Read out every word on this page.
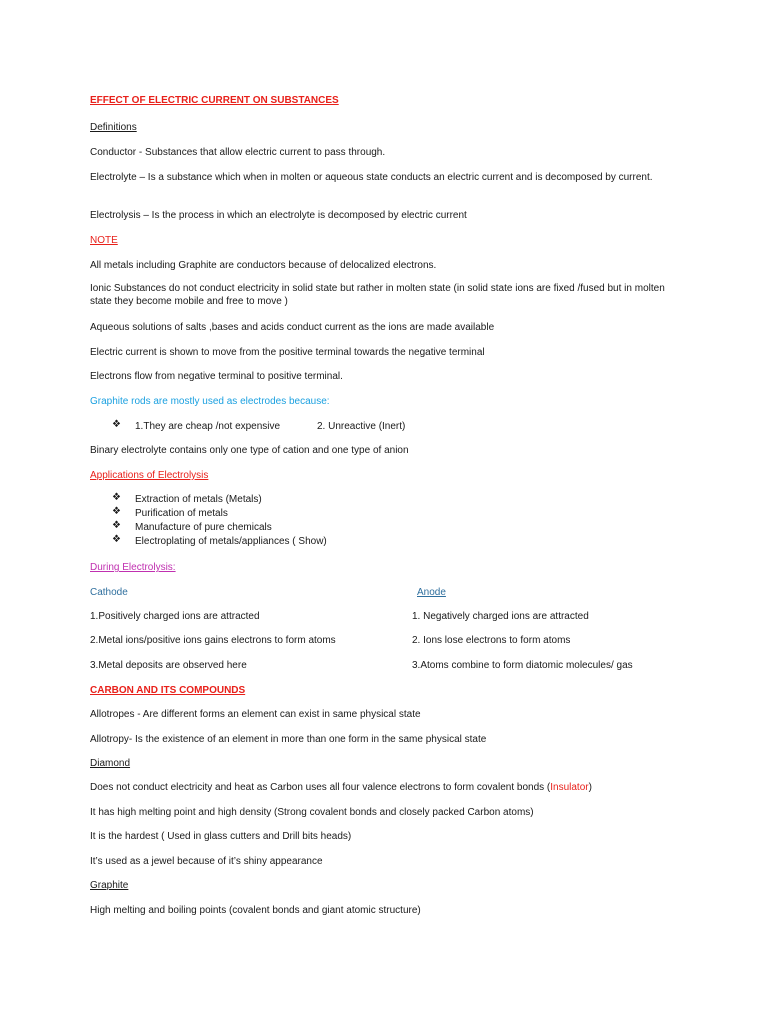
EFFECT OF ELECTRIC CURRENT ON SUBSTANCES
Definitions
Conductor - Substances that allow electric current to pass through.
Electrolyte – Is a substance which when in molten or aqueous state conducts an electric current and is decomposed by current.
Electrolysis – Is the process in which an electrolyte is decomposed by electric current
NOTE
All metals including Graphite are conductors because of delocalized electrons.
Ionic Substances do not conduct electricity in solid state but rather in molten state (in solid state ions are fixed /fused but in molten state they become mobile and free to move )
Aqueous solutions of salts ,bases and acids conduct current as the ions are made available
Electric current is shown to move from the positive terminal towards the negative terminal
Electrons flow from negative terminal to positive terminal.
Graphite rods are mostly used as electrodes because:
❖ 1.They are cheap /not expensive	2. Unreactive (Inert)
Binary electrolyte contains only one type of cation and one type of anion
Applications of Electrolysis
❖ Extraction of metals (Metals)
❖ Purification of metals
❖ Manufacture of pure chemicals
❖ Electroplating of metals/appliances ( Show)
During Electrolysis:
Cathode	Anode
1.Positively charged ions are attracted	1. Negatively charged ions are attracted
2.Metal ions/positive ions gains electrons to form atoms	2. Ions lose electrons to form atoms
3.Metal deposits are observed here	3.Atoms combine to form diatomic molecules/ gas
CARBON AND ITS COMPOUNDS
Allotropes - Are different forms an element can exist in same physical state
Allotropy- Is the existence of an element in more than one form in the same physical state
Diamond
Does not conduct electricity and heat as Carbon uses all four valence electrons to form covalent bonds (Insulator)
It has high melting point and high density (Strong covalent bonds and closely packed Carbon atoms)
It is the hardest ( Used in glass cutters and Drill bits heads)
It’s used as a jewel because of it’s shiny appearance
Graphite
High melting and boiling points (covalent bonds and giant atomic structure)
